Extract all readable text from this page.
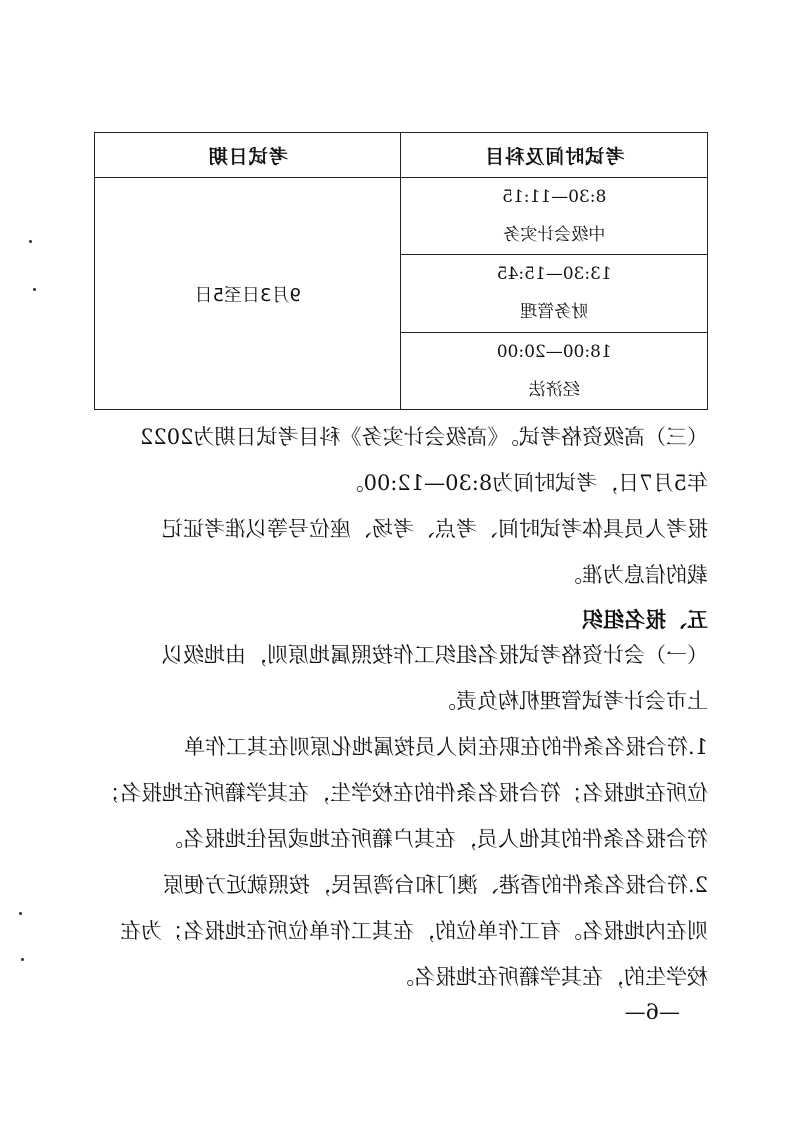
考试时间及科目	考试日期

8:30—11:15
中级会计实务	9月3日至5日

13:30—15:45
财务管理	

18:00—20:00
经济法	
（三）高级资格考试。《高级会计实务》科目考试日期为2022
年5月7日，考试时间为8:30—12:00。
报考人员具体考试时间、考点、考场、座位号等以准考证记
载的信息为准。
五、报名组织
（一）会计资格考试报名组织工作按照属地原则，由地级以
上市会计考试管理机构负责。
1.符合报名条件的在职在岗人员按属地化原则在其工作单
位所在地报名；符合报名条件的在校学生，在其学籍所在地报名；
符合报名条件的其他人员，在其户籍所在地或居住地报名。
2.符合报名条件的香港、澳门和台湾居民，按照就近方便原
则在内地报名。有工作单位的，在其工作单位所在地报名；为在
校学生的，在其学籍所在地报名。
—6—
